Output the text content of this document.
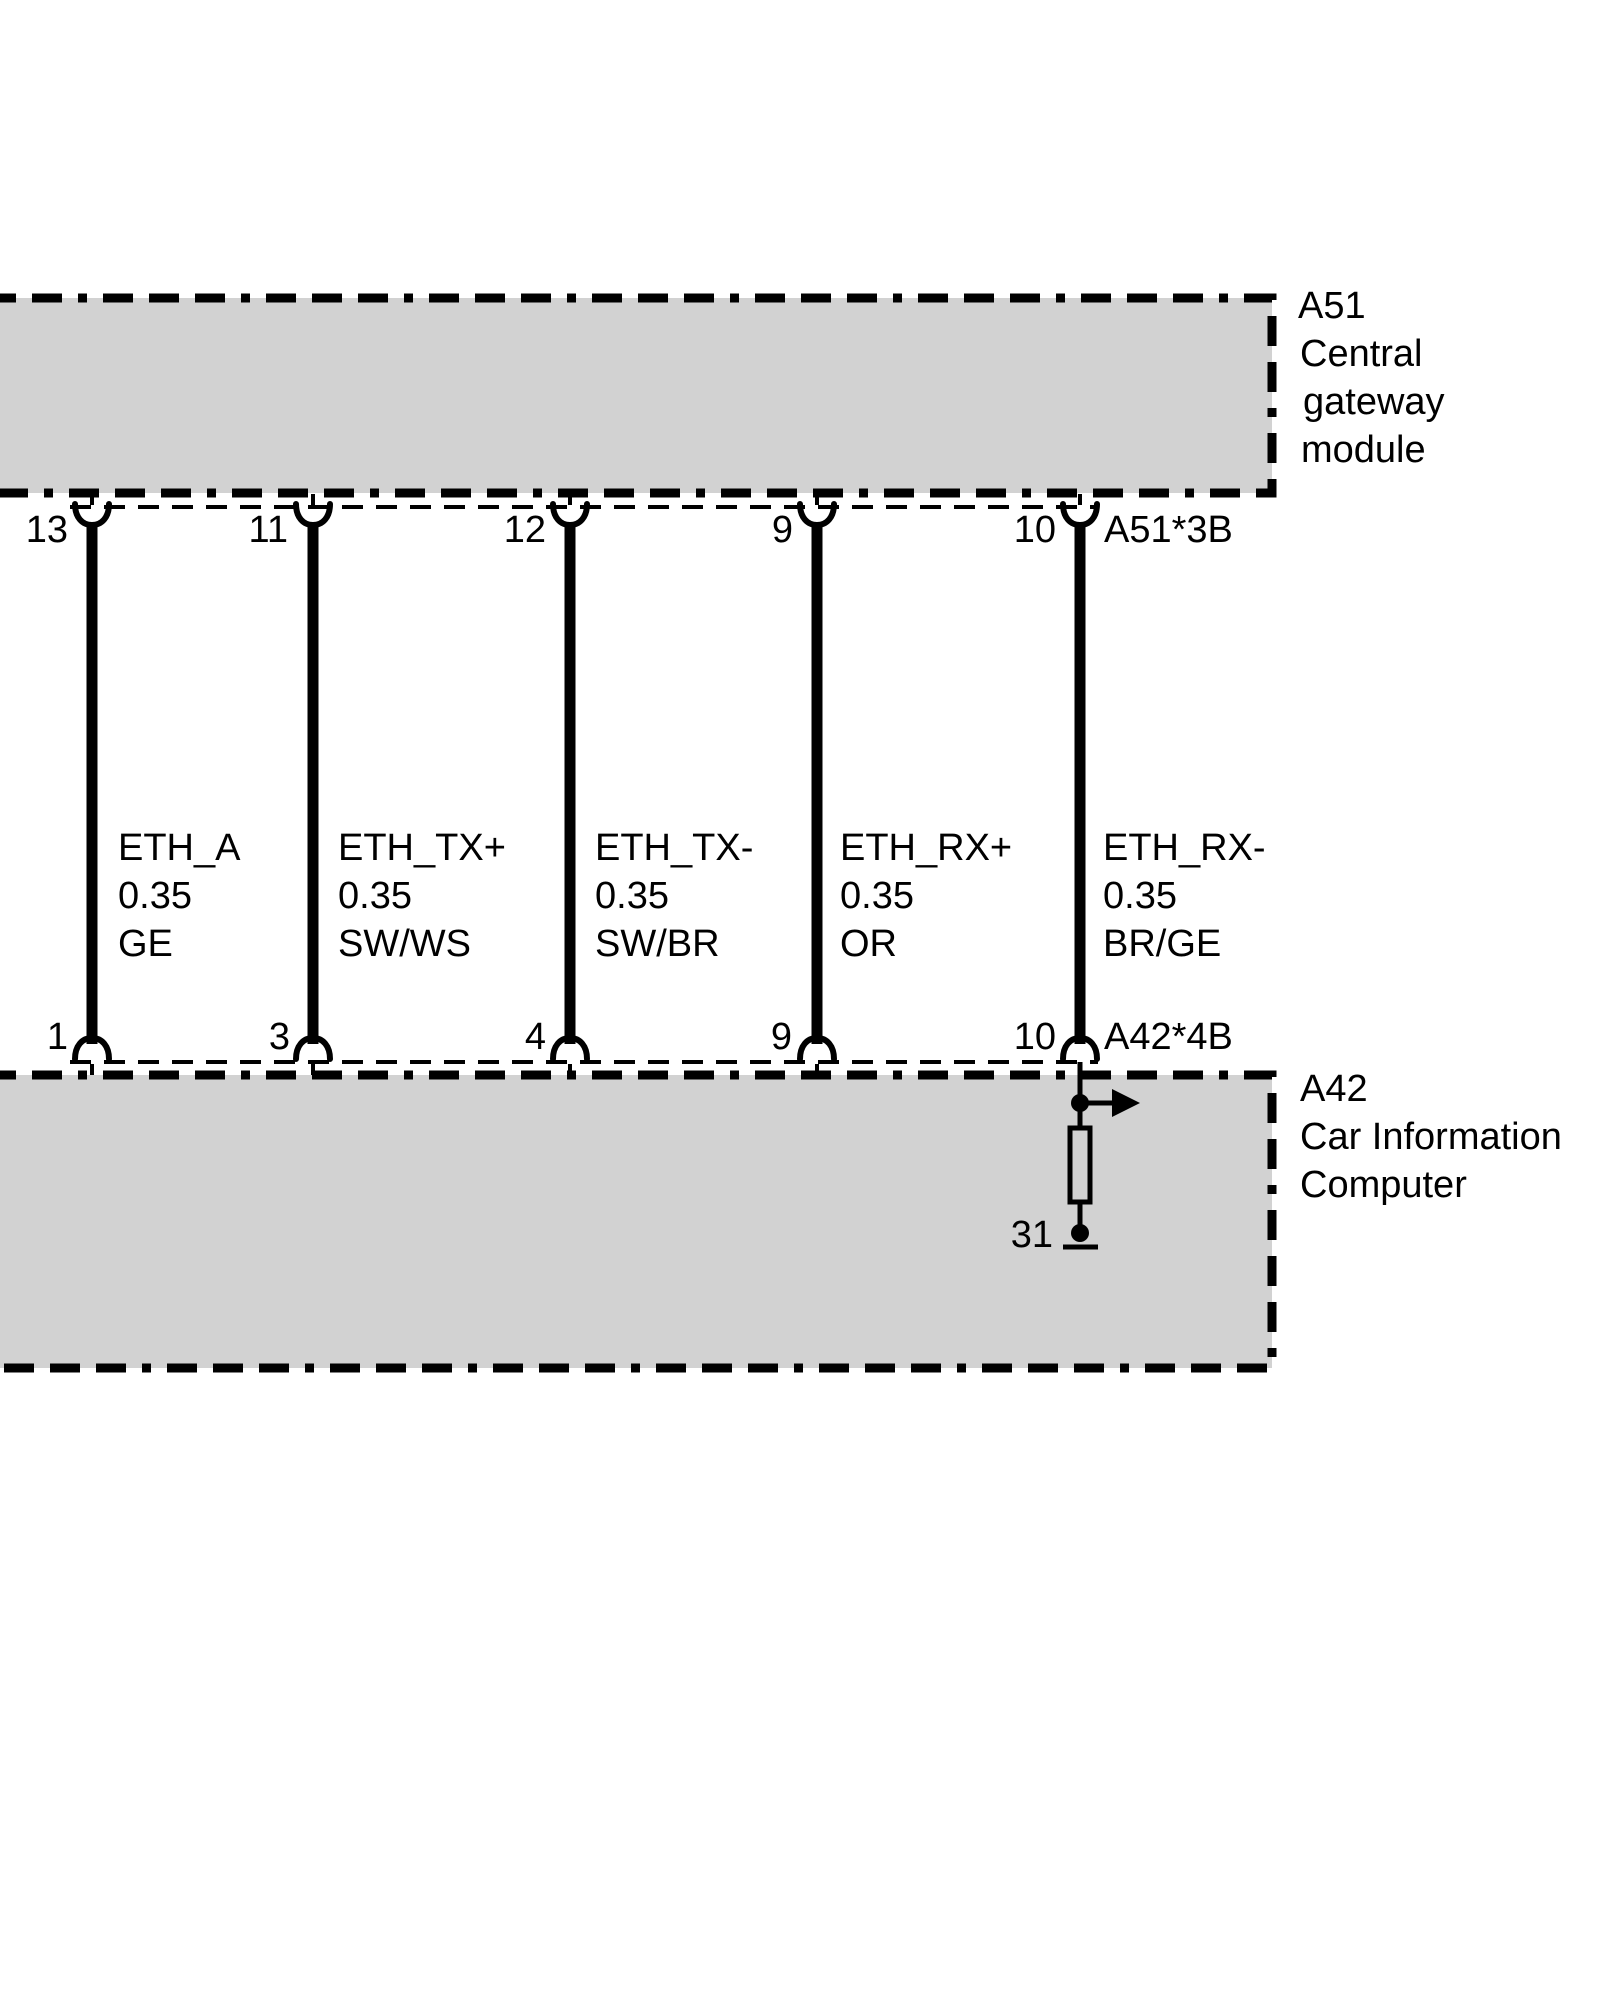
A51
Central
gateway
module
A42
Car Information
Computer
13	11	12	9	10 A51*3B
1	3	4	9	10 A42*4B
ETH_A
0.35
GE
ETH_TX+
0.35
SW/WS
ETH_TX-
0.35
SW/BR
ETH_RX+
0.35
OR
ETH_RX-
0.35
BR/GE
31
